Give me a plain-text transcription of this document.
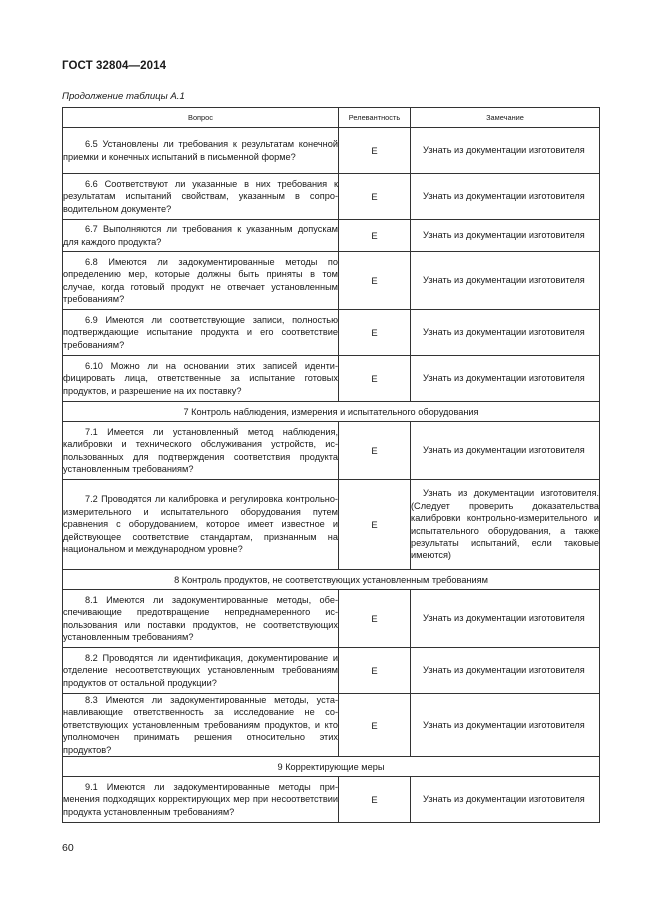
ГОСТ 32804—2014
Продолжение таблицы А.1
Вопрос	Релевантность	Замечание
6.5 Установлены ли требования к результатам конечной приемки и конечных испытаний в письменной форме?	Е	Узнать из документации изготовителя
6.6 Соответствуют ли указанные в них требования к результатам испытаний свойствам, указанным в сопроводительном документе?	Е	Узнать из документации изготовителя
6.7 Выполняются ли требования к указанным допускам для каждого продукта?	Е	Узнать из документации изготовителя
6.8 Имеются ли задокументированные методы по определению мер, которые должны быть приняты в том случае, когда готовый продукт не отвечает установленным требованиям?	Е	Узнать из документации изготовителя
6.9 Имеются ли соответствующие записи, полностью подтверждающие испытание продукта и его соответствие требованиям?	Е	Узнать из документации изготовителя
6.10 Можно ли на основании этих записей идентифицировать лица, ответственные за испытание готовых продуктов, и разрешение на их поставку?	Е	Узнать из документации изготовителя
7 Контроль наблюдения, измерения и испытательного оборудования		
7.1 Имеется ли установленный метод наблюдения, калибровки и технического обслуживания устройств, использованных для подтверждения соответствия продукта установленным требованиям?	Е	Узнать из документации изготовителя
7.2 Проводятся ли калибровка и регулировка контрольно-измерительного и испытательного оборудования путем сравнения с оборудованием, которое имеет известное и действующее соответствие стандартам, признанным на национальном и международном уровне?	Е	Узнать из документации изготовителя. (Следует проверить доказательства калибровки контрольно-измерительного и испытательного оборудования, а также результаты испытаний, если таковые имеются)
8 Контроль продуктов, не соответствующих установленным требованиям		
8.1 Имеются ли задокументированные методы, обеспечивающие предотвращение непреднамеренного использования или поставки продуктов, не соответствующих установленным требованиям?	Е	Узнать из документации изготовителя
8.2 Проводятся ли идентификация, документирование и отделение несоответствующих установленным требованиям продуктов от остальной продукции?	Е	Узнать из документации изготовителя
8.3 Имеются ли задокументированные методы, устанавливающие ответственность за исследование не соответствующих установленным требованиям продуктов, и кто уполномочен принимать решения относительно этих продуктов?	Е	Узнать из документации изготовителя
9 Корректирующие меры		
9.1 Имеются ли задокументированные методы применения подходящих корректирующих мер при несоответствии продукта установленным требованиям?	Е	Узнать из документации изготовителя
60
